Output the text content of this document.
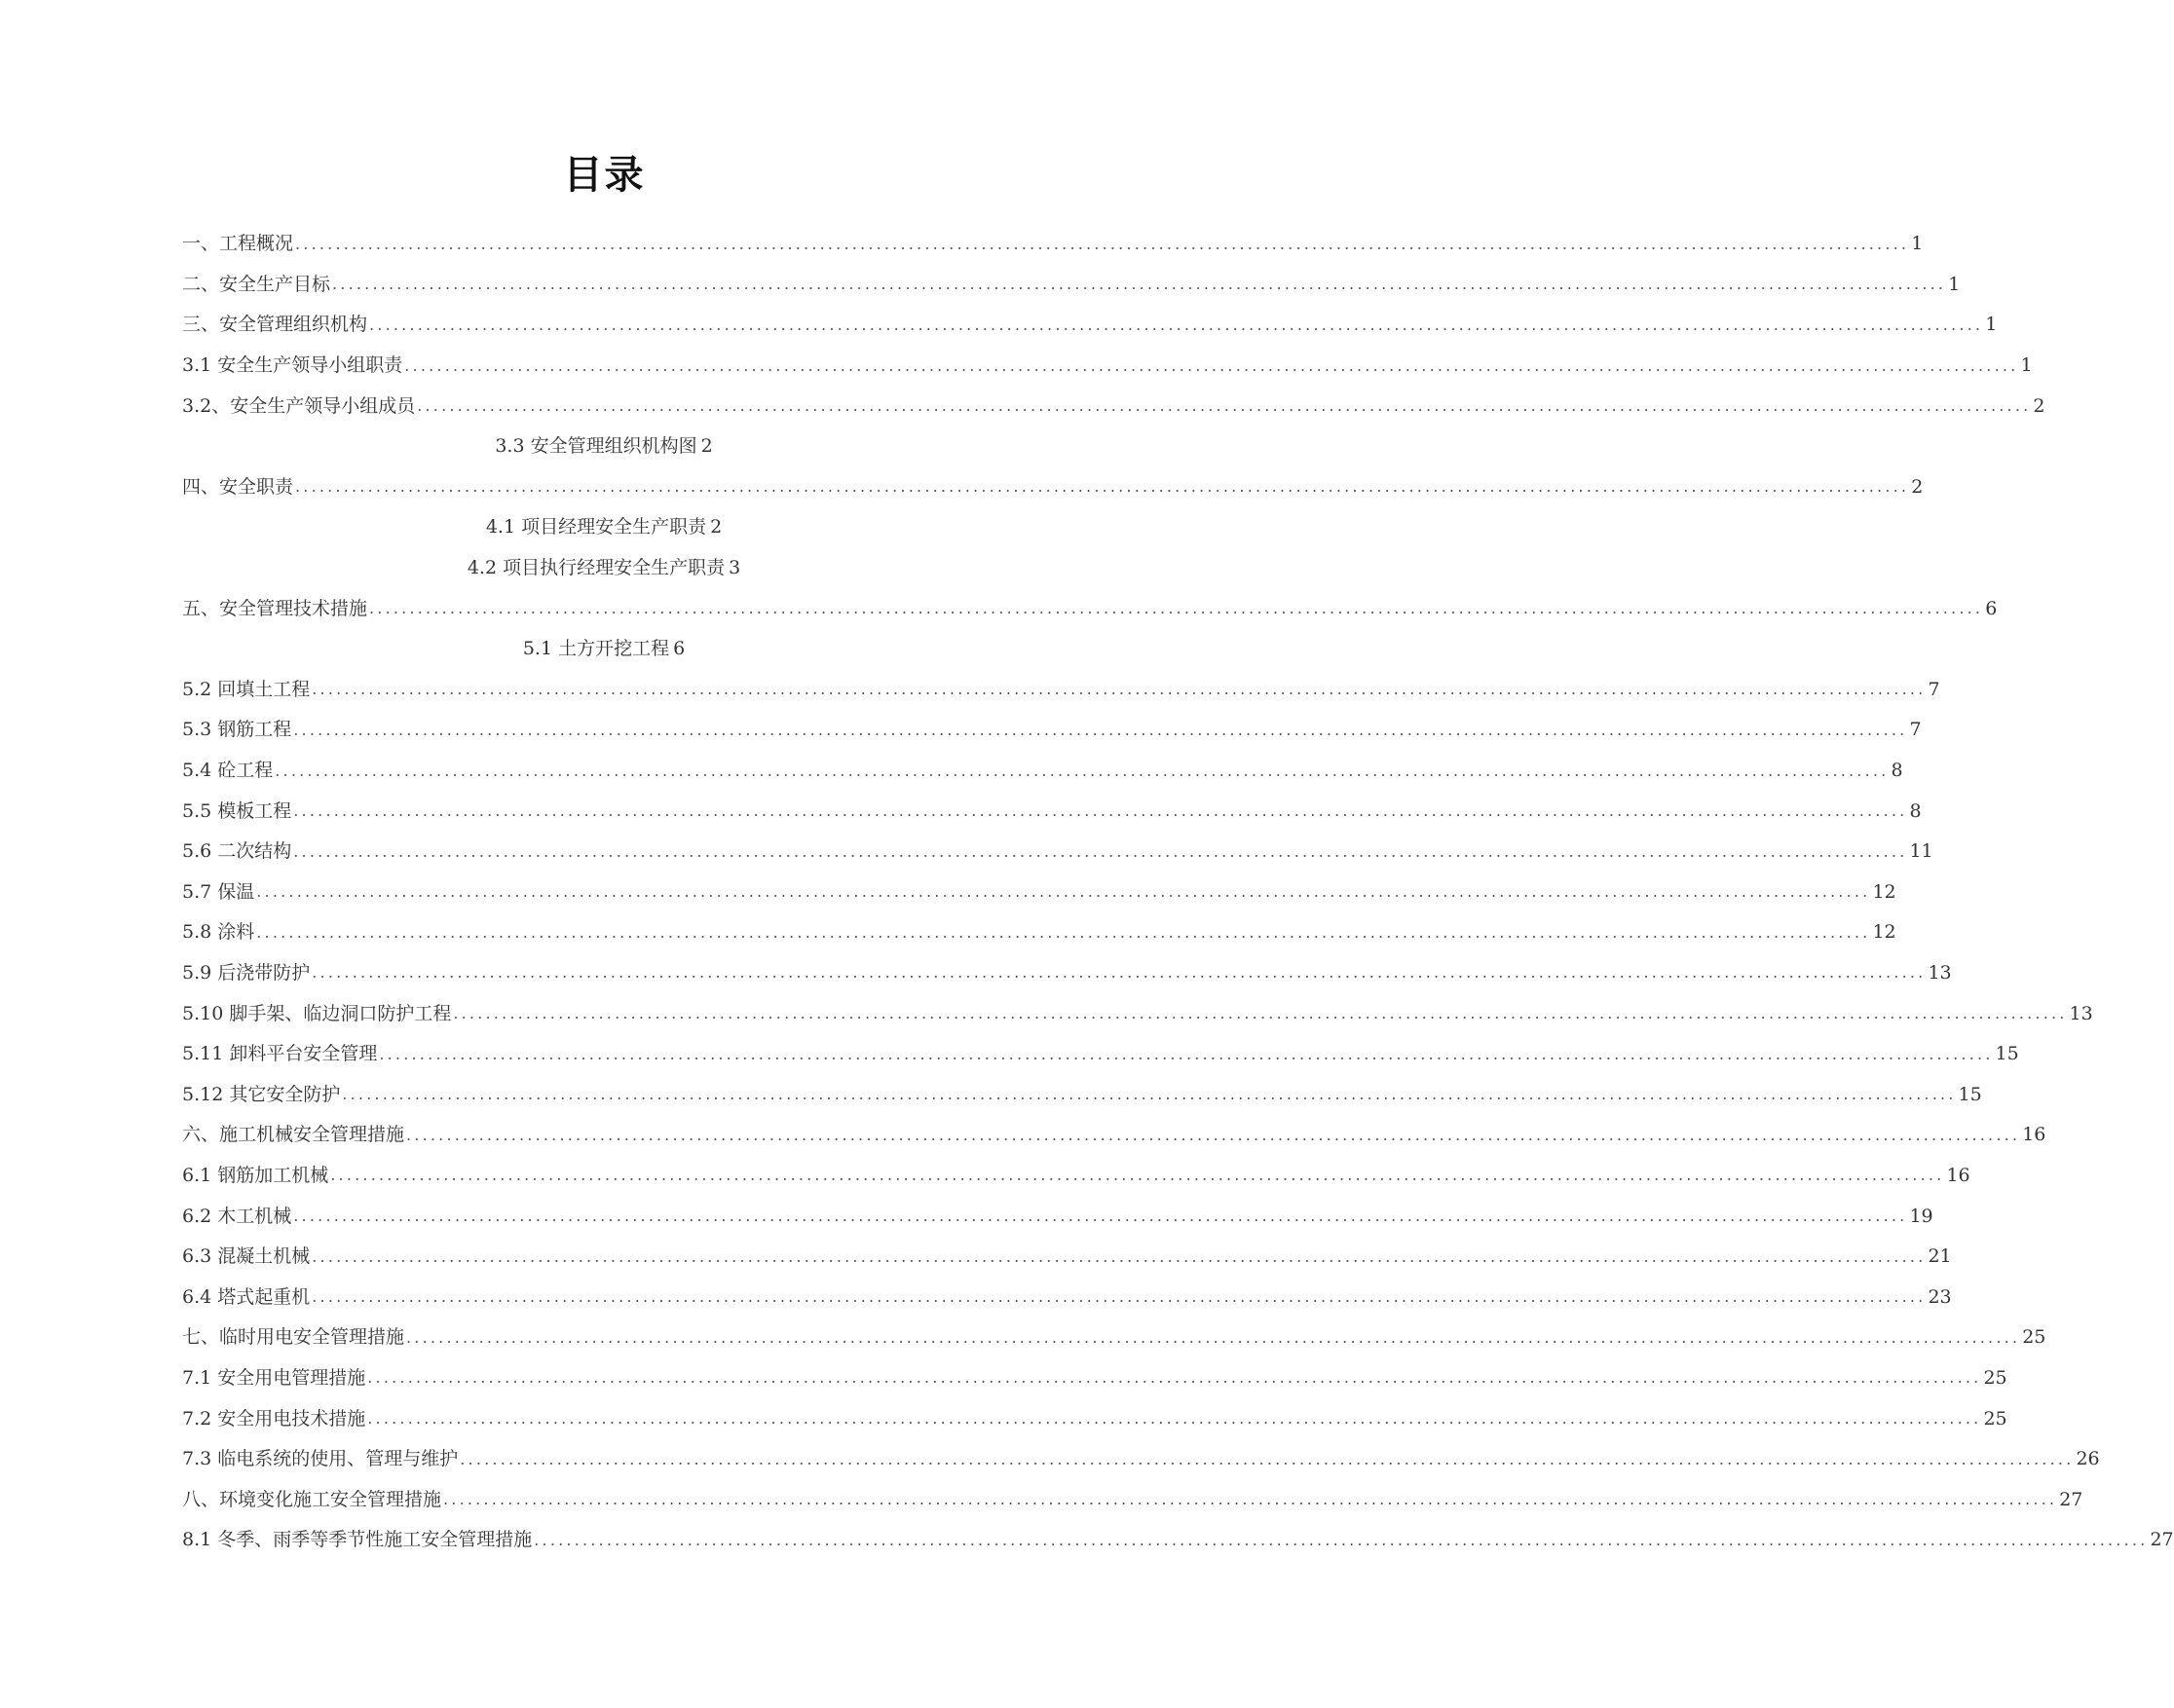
目录
一、工程概况 ........................................................................................................................................................................................................ 1
二、安全生产目标 ........................................................................................................................................................................................................ 1
三、安全管理组织机构 ........................................................................................................................................................................................................ 1
3.1 安全生产领导小组职责 ........................................................................................................................................................................................................ 1
3.2、安全生产领导小组成员 ........................................................................................................................................................................................................ 2
3.3 安全管理组织机构图 2
四、安全职责 ........................................................................................................................................................................................................ 2
4.1 项目经理安全生产职责 2
4.2 项目执行经理安全生产职责 3
五、安全管理技术措施 ........................................................................................................................................................................................................ 6
5.1 土方开挖工程 6
5.2 回填土工程 ........................................................................................................................................................................................................ 7
5.3 钢筋工程 ........................................................................................................................................................................................................ 7
5.4 砼工程 ........................................................................................................................................................................................................ 8
5.5 模板工程 ........................................................................................................................................................................................................ 8
5.6 二次结构 ........................................................................................................................................................................................................ 11
5.7 保温 ........................................................................................................................................................................................................ 12
5.8 涂料 ........................................................................................................................................................................................................ 12
5.9 后浇带防护 ........................................................................................................................................................................................................ 13
5.10 脚手架、临边洞口防护工程 ........................................................................................................................................................................................................ 13
5.11 卸料平台安全管理 ........................................................................................................................................................................................................ 15
5.12 其它安全防护 ........................................................................................................................................................................................................ 15
六、施工机械安全管理措施 ........................................................................................................................................................................................................ 16
6.1 钢筋加工机械 ........................................................................................................................................................................................................ 16
6.2 木工机械 ........................................................................................................................................................................................................ 19
6.3 混凝土机械 ........................................................................................................................................................................................................ 21
6.4 塔式起重机 ........................................................................................................................................................................................................ 23
七、临时用电安全管理措施 ........................................................................................................................................................................................................ 25
7.1 安全用电管理措施 ........................................................................................................................................................................................................ 25
7.2 安全用电技术措施 ........................................................................................................................................................................................................ 25
7.3 临电系统的使用、管理与维护 ........................................................................................................................................................................................................ 26
八、环境变化施工安全管理措施 ........................................................................................................................................................................................................ 27
8.1 冬季、雨季等季节性施工安全管理措施 ........................................................................................................................................................................................................ 27
